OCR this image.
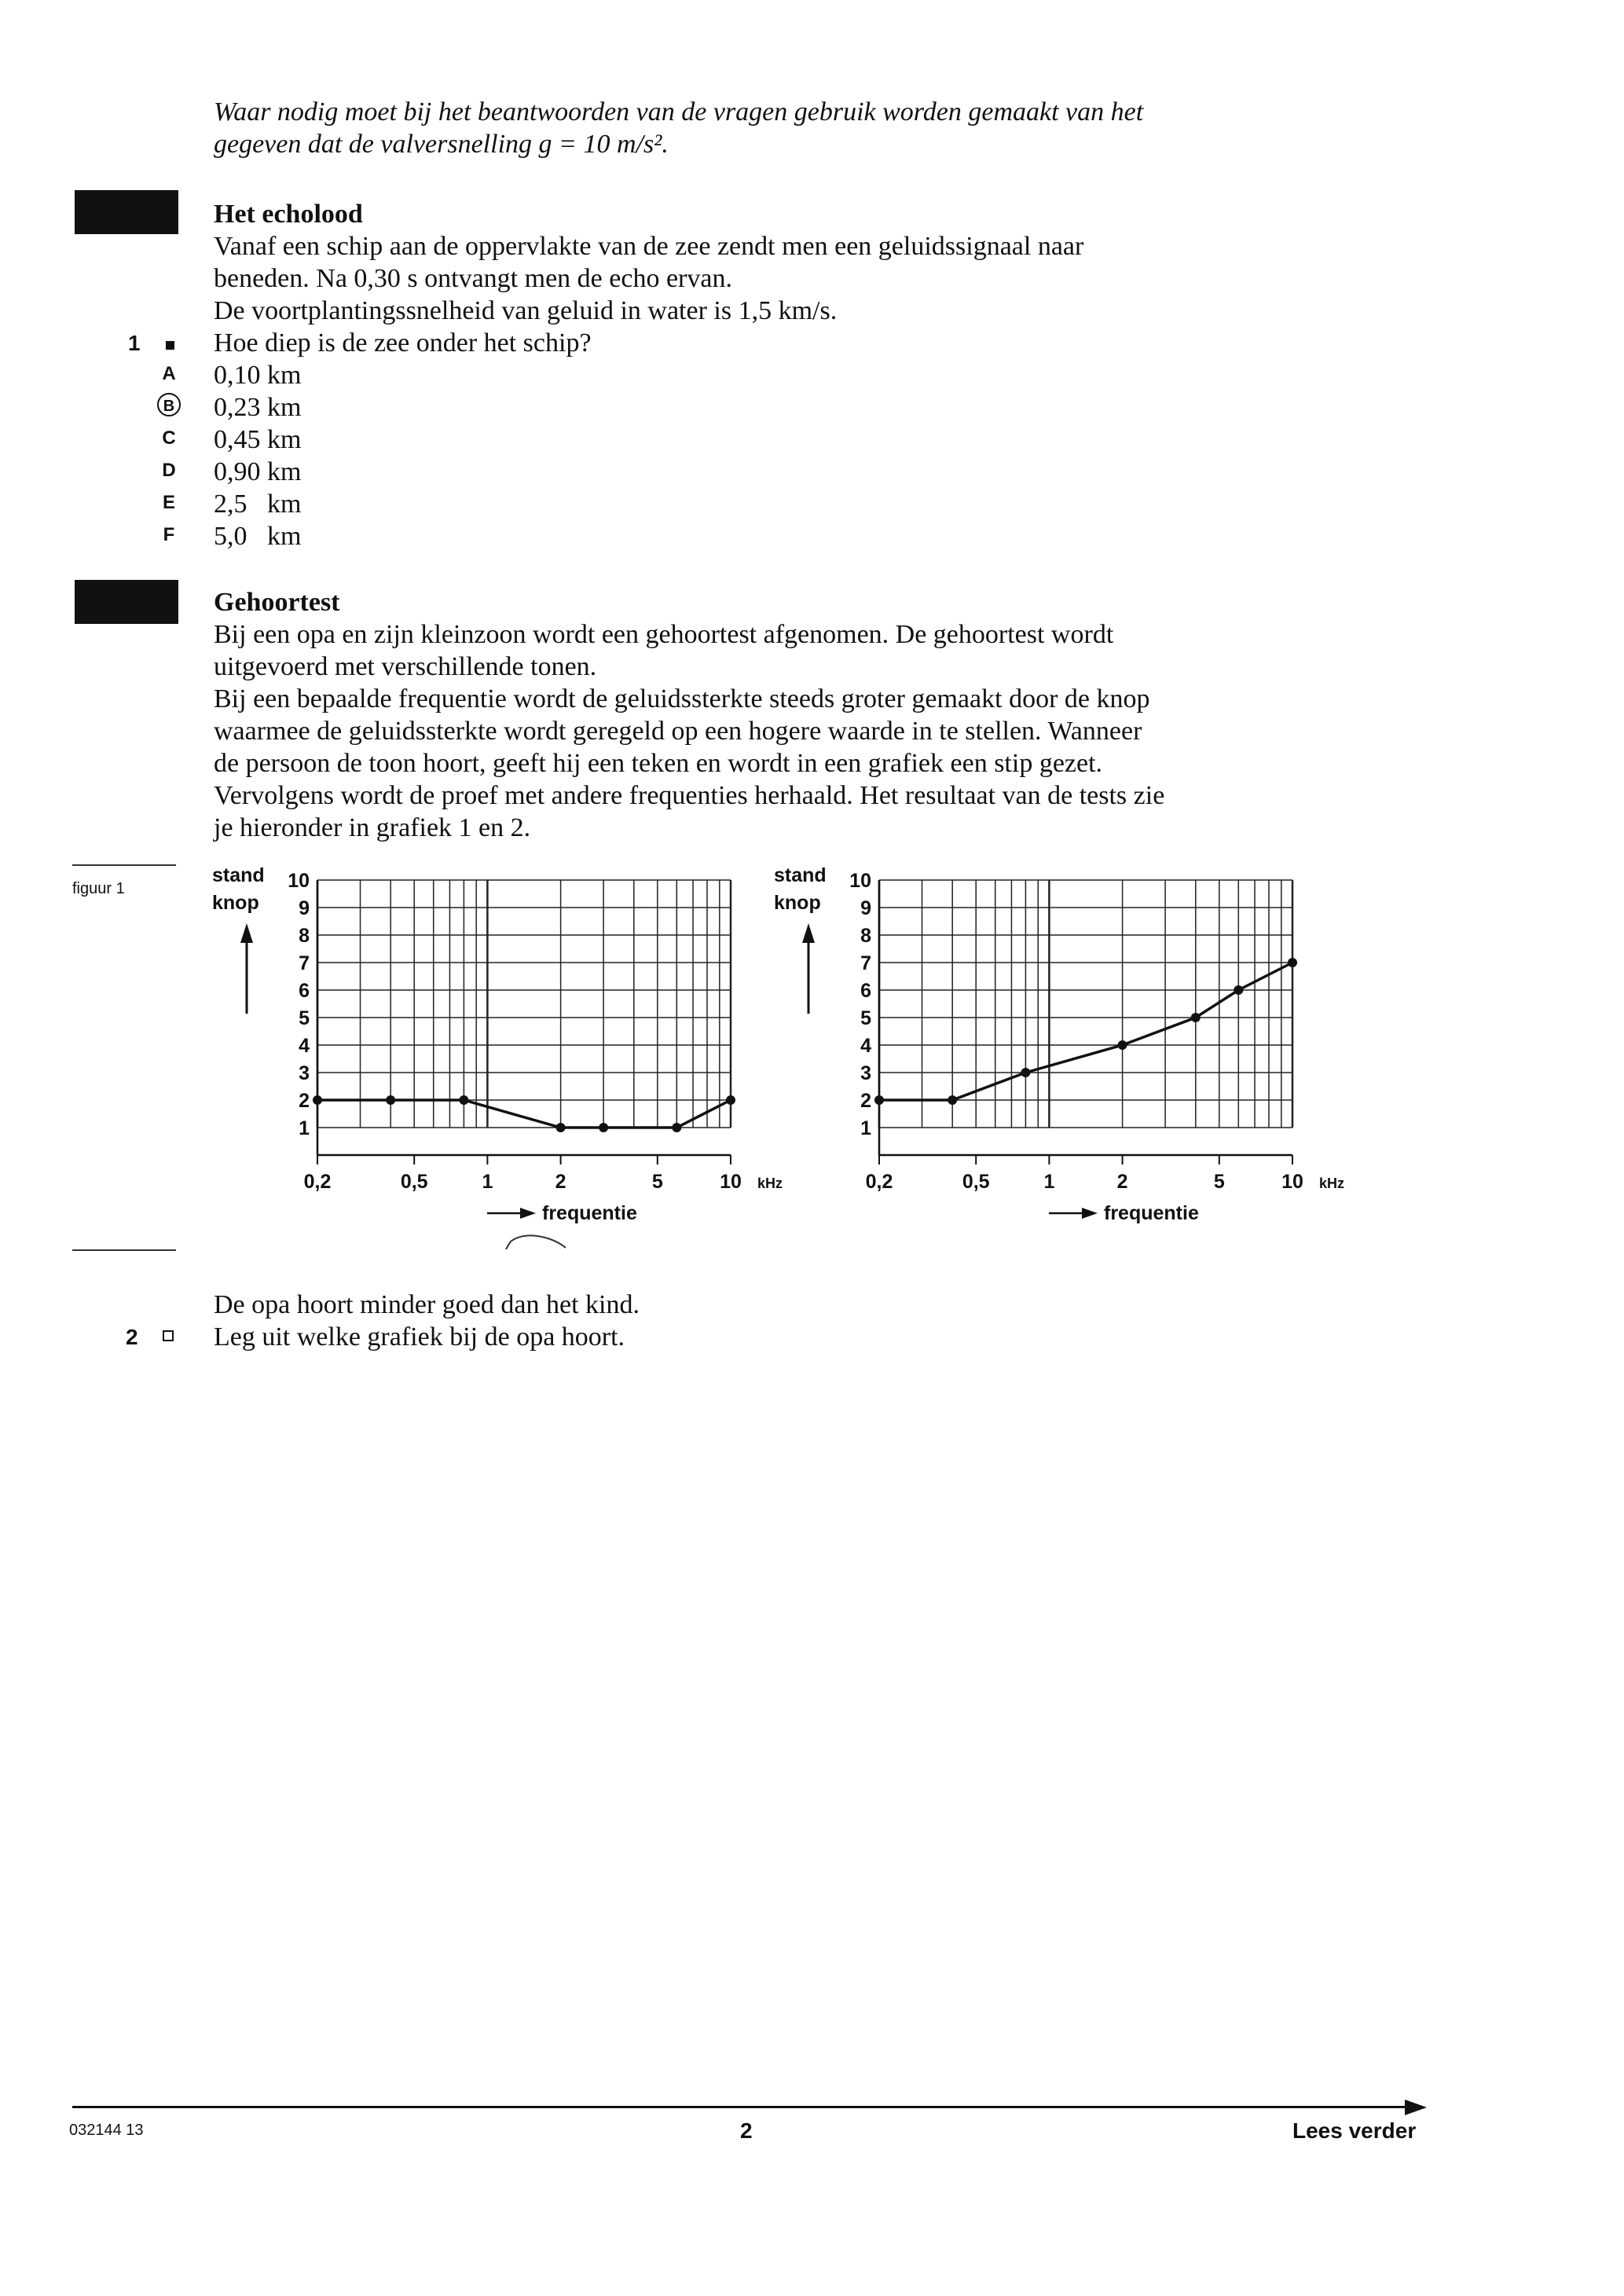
Waar nodig moet bij het beantwoorden van de vragen gebruik worden gemaakt van het
gegeven dat de valversnelling g = 10 m/s².
Het echolood
Vanaf een schip aan de oppervlakte van de zee zendt men een geluidssignaal naar
beneden. Na 0,30 s ontvangt men de echo ervan.
De voortplantingssnelheid van geluid in water is 1,5 km/s.
1	Hoe diep is de zee onder het schip?
A 0,10 km
B 0,23 km
C 0,45 km
D 0,90 km
E 2,5   km
F 5,0   km
Gehoortest
Bij een opa en zijn kleinzoon wordt een gehoortest afgenomen. De gehoortest wordt
uitgevoerd met verschillende tonen.
Bij een bepaalde frequentie wordt de geluidssterkte steeds groter gemaakt door de knop
waarmee de geluidssterkte wordt geregeld op een hogere waarde in te stellen. Wanneer
de persoon de toon hoort, geeft hij een teken en wordt in een grafiek een stip gezet.
Vervolgens wordt de proef met andere frequenties herhaald. Het resultaat van de tests zie
je hieronder in grafiek 1 en 2.
figuur 1
1
2
3
4
5
6
7
8
9
10
0,2	0,5	1	2	5	10 kHz
stand
knop
frequentie
1
2
3
4
5
6
7
8
9
10
0,2	0,5	1	2	5	10 kHz
stand
knop
frequentie
De opa hoort minder goed dan het kind.
2	Leg uit welke grafiek bij de opa hoort.
032144 13	2	Lees verder
